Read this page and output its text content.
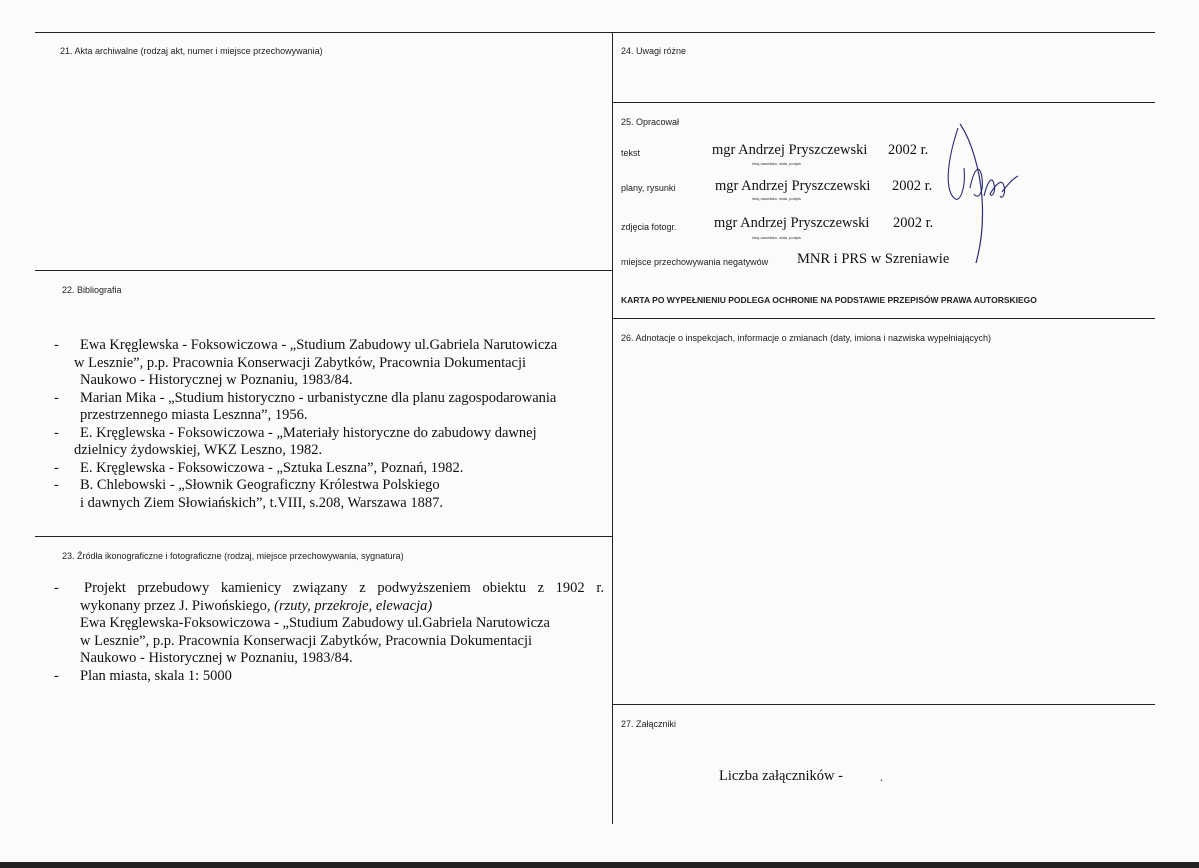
21. Akta archiwalne (rodzaj akt, numer i miejsce przechowywania)
22. Bibliografia
- Ewa Kręglewska - Foksowiczowa - „Studium Zabudowy ul.Gabriela Narutowicza
w Lesznie”, p.p. Pracownia Konserwacji Zabytków, Pracownia Dokumentacji
Naukowo - Historycznej w Poznaniu, 1983/84.
- Marian Mika - „Studium historyczno - urbanistyczne dla planu zagospodarowania
przestrzennego miasta Lesznna”, 1956.
- E. Kręglewska - Foksowiczowa - „Materiały historyczne do zabudowy dawnej
dzielnicy żydowskiej, WKZ Leszno, 1982.
- E. Kręglewska - Foksowiczowa - „Sztuka Leszna”, Poznań, 1982.
- B. Chlebowski - „Słownik Geograficzny Królestwa Polskiego
i dawnych Ziem Słowiańskich”, t.VIII, s.208, Warszawa 1887.
23. Źródła ikonograficzne i fotograficzne (rodzaj, miejsce przechowywania, sygnatura)
- Projekt przebudowy kamienicy związany z podwyższeniem obiektu z 1902 r.
wykonany przez J. Piwońskiego, (rzuty, przekroje, elewacja)
Ewa Kręglewska-Foksowiczowa - „Studium Zabudowy ul.Gabriela Narutowicza
w Lesznie”, p.p. Pracownia Konserwacji Zabytków, Pracownia Dokumentacji
Naukowo - Historycznej w Poznaniu, 1983/84.
- Plan miasta, skala 1: 5000
24. Uwagi różne
25. Opracował
tekst	mgr Andrzej Pryszczewski 2002 r.
imię,nazwisko, data, podpis
plany, rysunki	mgr Andrzej Pryszczewski 2002 r.
imię,nazwisko, data, podpis
zdjęcia fotogr.	mgr Andrzej Pryszczewski 2002 r.
imię,nazwisko, data, podpis
miejsce przechowywania negatywów MNR i PRS w Szreniawie
KARTA PO WYPEŁNIENIU PODLEGA OCHRONIE NA PODSTAWIE PRZEPISÓW PRAWA AUTORSKIEGO
26. Adnotacje o inspekcjach, informacje o zmianach (daty, imiona i nazwiska wypełniających)
27. Załączniki
Liczba załączników -	.
